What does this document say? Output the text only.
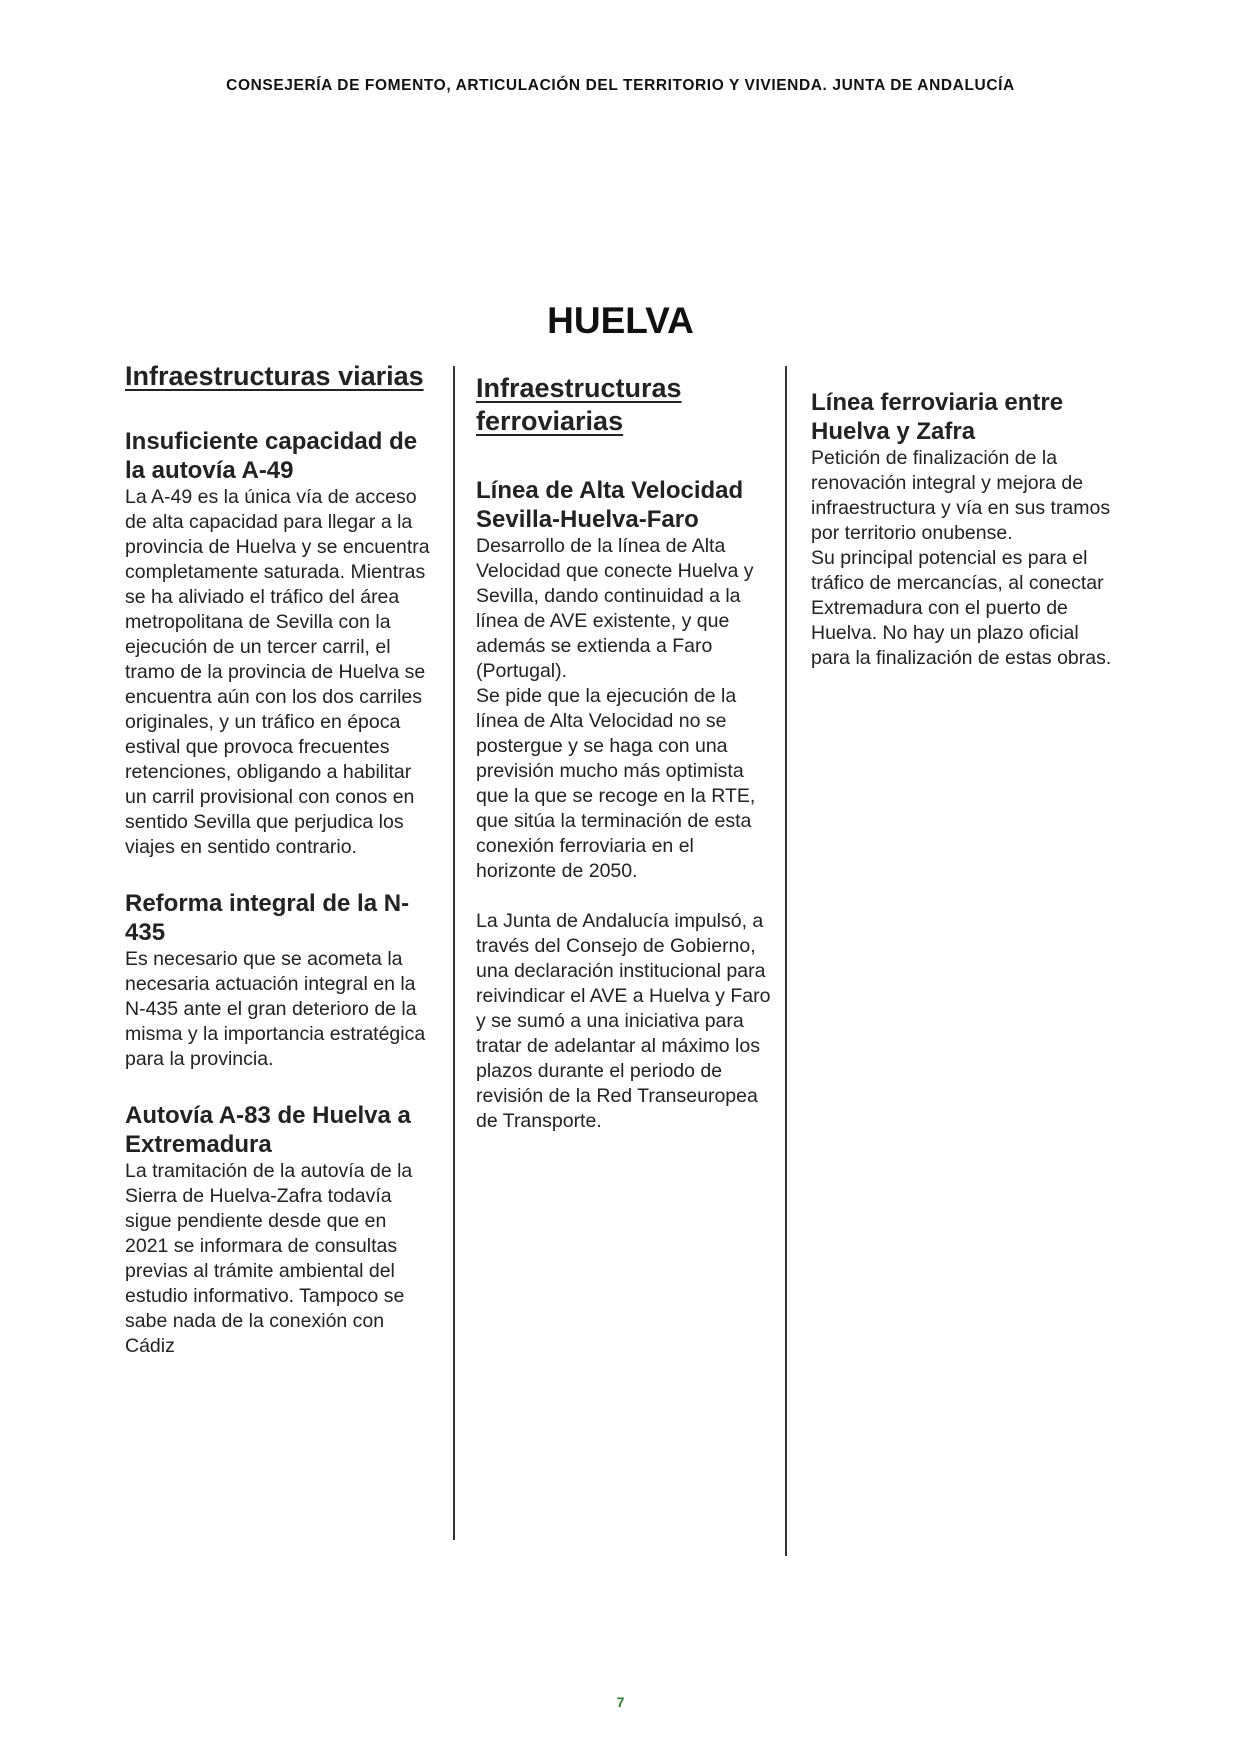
CONSEJERÍA DE FOMENTO, ARTICULACIÓN DEL TERRITORIO Y VIVIENDA. JUNTA DE ANDALUCÍA
HUELVA
Infraestructuras viarias
Insuficiente capacidad de la autovía A-49
La A-49 es la única vía de acceso de alta capacidad para llegar a la provincia de Huelva y se encuentra completamente saturada. Mientras se ha aliviado el tráfico del área metropolitana de Sevilla con la ejecución de un tercer carril, el tramo de la provincia de Huelva se encuentra aún con los dos carriles originales, y un tráfico en época estival que provoca frecuentes retenciones, obligando a habilitar un carril provisional con conos en sentido Sevilla que perjudica los viajes en sentido contrario.
Reforma integral de la N-435
Es necesario que se acometa la necesaria actuación integral en la N-435 ante el gran deterioro de la misma y la importancia estratégica para la provincia.
Autovía A-83 de Huelva a Extremadura
La tramitación de la autovía de la Sierra de Huelva-Zafra todavía sigue pendiente desde que en 2021 se informara de consultas previas al trámite ambiental del estudio informativo. Tampoco se sabe nada de la conexión con Cádiz
Infraestructuras ferroviarias
Línea de Alta Velocidad Sevilla-Huelva-Faro
Desarrollo de la línea de Alta Velocidad que conecte Huelva y Sevilla, dando continuidad a la línea de AVE existente, y que además se extienda a Faro (Portugal).
Se pide que la ejecución de la línea de Alta Velocidad no se postergue y se haga con una previsión mucho más optimista que la que se recoge en la RTE, que sitúa la terminación de esta conexión ferroviaria en el horizonte de 2050.

La Junta de Andalucía impulsó, a través del Consejo de Gobierno, una declaración institucional para reivindicar el AVE a Huelva y Faro y se sumó a una iniciativa para tratar de adelantar al máximo los plazos durante el periodo de revisión de la Red Transeuropea de Transporte.
Línea ferroviaria entre Huelva y Zafra
Petición de finalización de la renovación integral y mejora de infraestructura y vía en sus tramos por territorio onubense.
Su principal potencial es para el tráfico de mercancías, al conectar Extremadura con el puerto de Huelva. No hay un plazo oficial para la finalización de estas obras.
7
